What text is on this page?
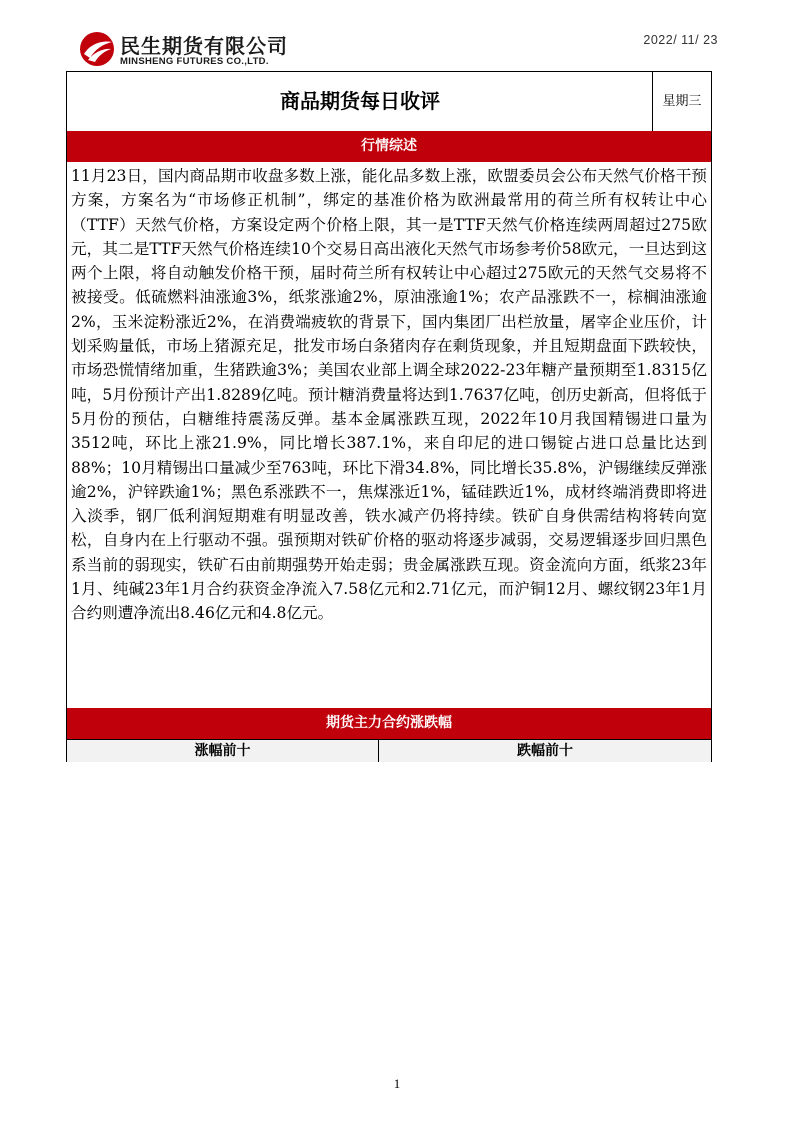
民生期货有限公司
MINSHENG FUTURES CO.,LTD.
2022/ 11/ 23
商品期货每日收评	星期三
行情综述

11月23日，国内商品期市收盘多数上涨，能化品多数上涨，欧盟委员会公布天然气价格干预方案，方案名为“市场修正机制”，绑定的基准价格为欧洲最常用的荷兰所有权转让中心（TTF）天然气价格，方案设定两个价格上限，其一是TTF天然气价格连续两周超过275欧元，其二是TTF天然气价格连续10个交易日高出液化天然气市场参考价58欧元，一旦达到这两个上限，将自动触发价格干预，届时荷兰所有权转让中心超过275欧元的天然气交易将不被接受。低硫燃料油涨逾3%，纸浆涨逾2%，原油涨逾1%；农产品涨跌不一，棕榈油涨逾2%，玉米淀粉涨近2%，在消费端疲软的背景下，国内集团厂出栏放量，屠宰企业压价，计划采购量低，市场上猪源充足，批发市场白条猪肉存在剩货现象，并且短期盘面下跌较快，市场恐慌情绪加重，生猪跌逾3%；美国农业部上调全球2022-23年糖产量预期至1.8315亿吨，5月份预计产出1.8289亿吨。预计糖消费量将达到1.7637亿吨，创历史新高，但将低于5月份的预估，白糖维持震荡反弹。基本金属涨跌互现，2022年10月我国精锡进口量为3512吨，环比上涨21.9%，同比增长387.1%，来自印尼的进口锡锭占进口总量比达到88%；10月精锡出口量减少至763吨，环比下滑34.8%，同比增长35.8%，沪锡继续反弹涨逾2%，沪锌跌逾1%；黑色系涨跌不一，焦煤涨近1%，锰硅跌近1%，成材终端消费即将进入淡季，钢厂低利润短期难有明显改善，铁水减产仍将持续。铁矿自身供需结构将转向宽松，自身内在上行驱动不强。强预期对铁矿价格的驱动将逐步减弱，交易逻辑逐步回归黑色系当前的弱现实，铁矿石由前期强势开始走弱；贵金属涨跌互现。资金流向方面，纸浆23年1月、纯碱23年1月合约获资金净流入7.58亿元和2.71亿元，而沪铜12月、螺纹钢23年1月合约则遭净流出8.46亿元和4.8亿元。

期货主力合约涨跌幅
涨幅前十	跌幅前十
1
